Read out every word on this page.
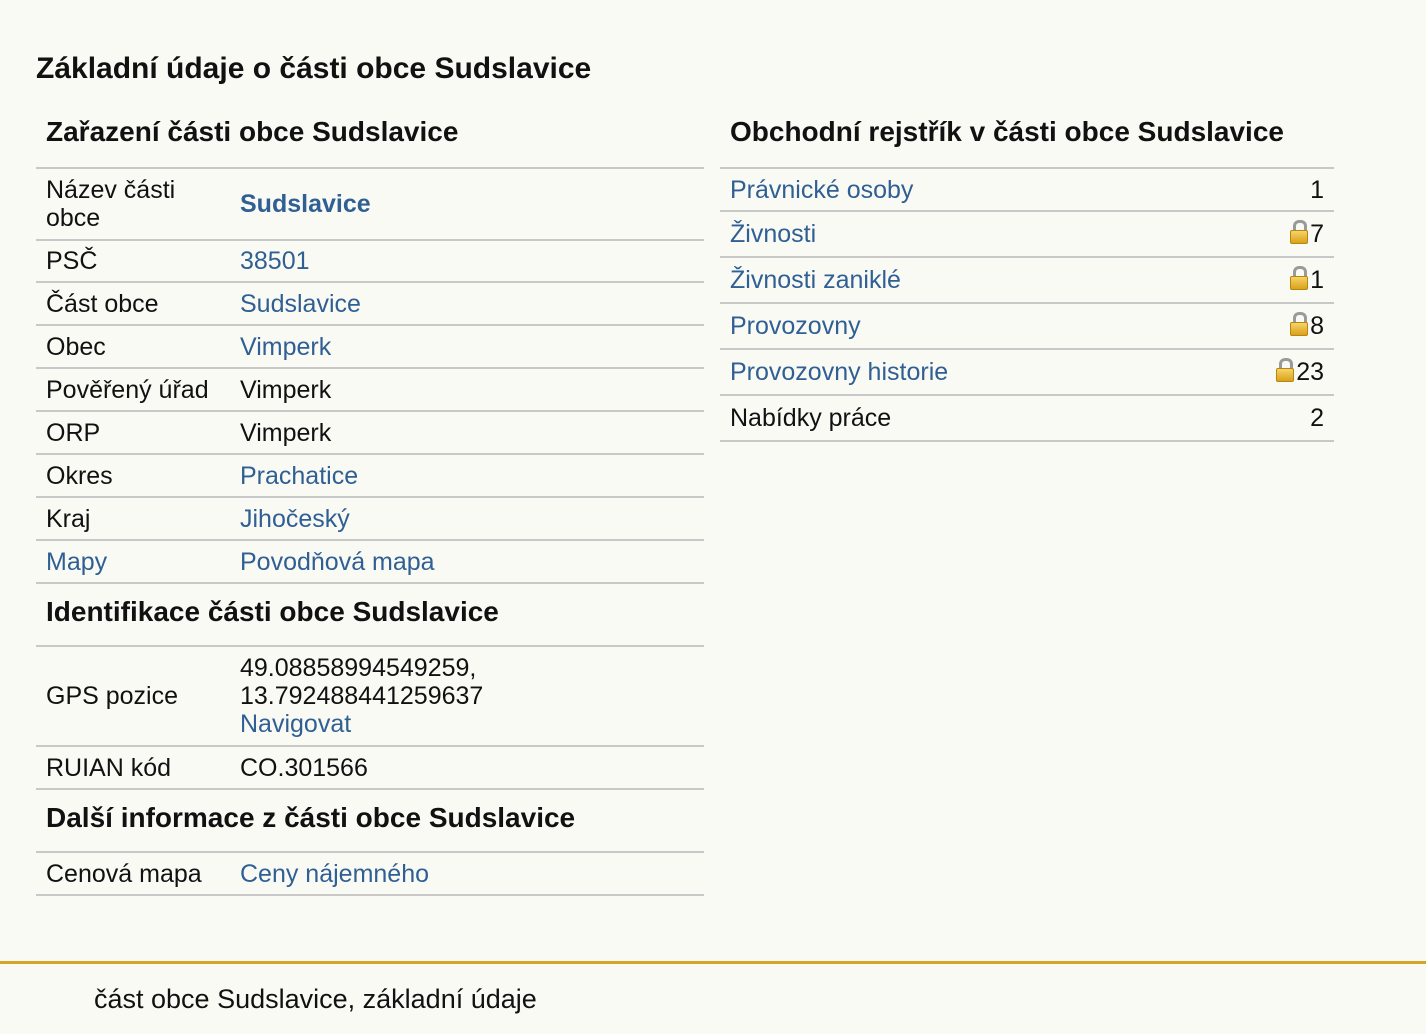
Základní údaje o části obce Sudslavice
Zařazení části obce Sudslavice
Název části obce	Sudslavice
PSČ	38501
Část obce	Sudslavice
Obec	Vimperk
Pověřený úřad	Vimperk
ORP	Vimperk
Okres	Prachatice
Kraj	Jihočeský
Mapy	Povodňová mapa
Identifikace části obce Sudslavice
GPS pozice	49.08858994549259, 13.792488441259637
Navigovat
RUIAN kód	CO.301566
Další informace z části obce Sudslavice
Cenová mapa	Ceny nájemného
Obchodní rejstřík v části obce Sudslavice
Právnické osoby	1
Živnosti	7
Živnosti zaniklé	1
Provozovny	8
Provozovny historie	23
Nabídky práce	2

část obce Sudslavice, základní údaje
